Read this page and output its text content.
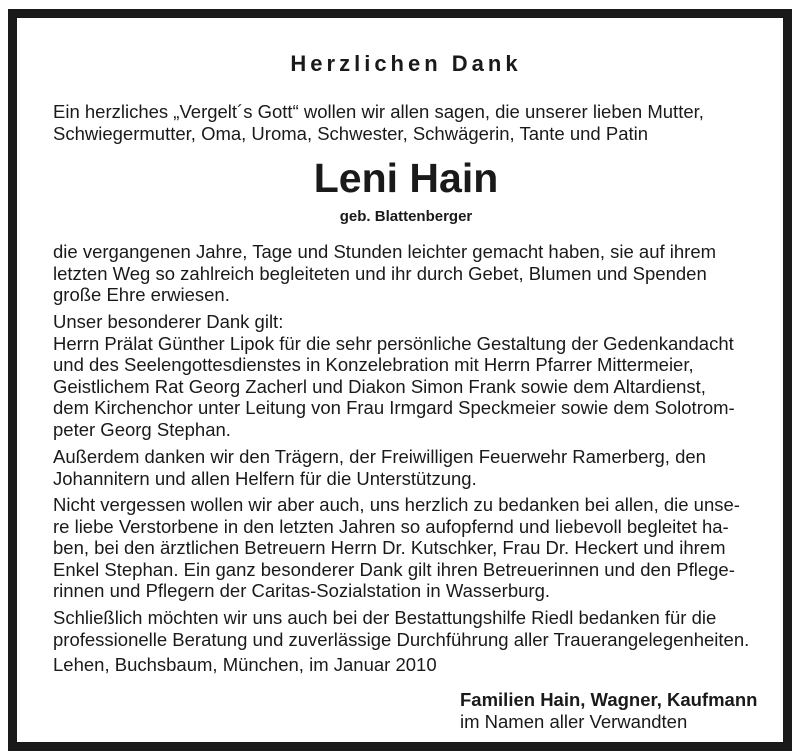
Herzlichen Dank
Ein herzliches „Vergelt´s Gott“ wollen wir allen sagen, die unserer lieben Mutter,
Schwiegermutter, Oma, Uroma, Schwester, Schwägerin, Tante und Patin
Leni Hain
geb. Blattenberger
die vergangenen Jahre, Tage und Stunden leichter gemacht haben, sie auf ihrem
letzten Weg so zahlreich begleiteten und ihr durch Gebet, Blumen und Spenden
große Ehre erwiesen.
Unser besonderer Dank gilt:
Herrn Prälat Günther Lipok für die sehr persönliche Gestaltung der Gedenkandacht
und des Seelengottesdienstes in Konzelebration mit Herrn Pfarrer Mittermeier,
Geistlichem Rat Georg Zacherl und Diakon Simon Frank sowie dem Altardienst,
dem Kirchenchor unter Leitung von Frau Irmgard Speckmeier sowie dem Solotrom-
peter Georg Stephan.
Außerdem danken wir den Trägern, der Freiwilligen Feuerwehr Ramerberg, den
Johannitern und allen Helfern für die Unterstützung.
Nicht vergessen wollen wir aber auch, uns herzlich zu bedanken bei allen, die unse-
re liebe Verstorbene in den letzten Jahren so aufopfernd und liebevoll begleitet ha-
ben, bei den ärztlichen Betreuern Herrn Dr. Kutschker, Frau Dr. Heckert und ihrem
Enkel Stephan. Ein ganz besonderer Dank gilt ihren Betreuerinnen und den Pflege-
rinnen und Pflegern der Caritas-Sozialstation in Wasserburg.
Schließlich möchten wir uns auch bei der Bestattungshilfe Riedl bedanken für die
professionelle Beratung und zuverlässige Durchführung aller Trauerangelegenheiten.
Lehen, Buchsbaum, München, im Januar 2010
Familien Hain, Wagner, Kaufmann
im Namen aller Verwandten
